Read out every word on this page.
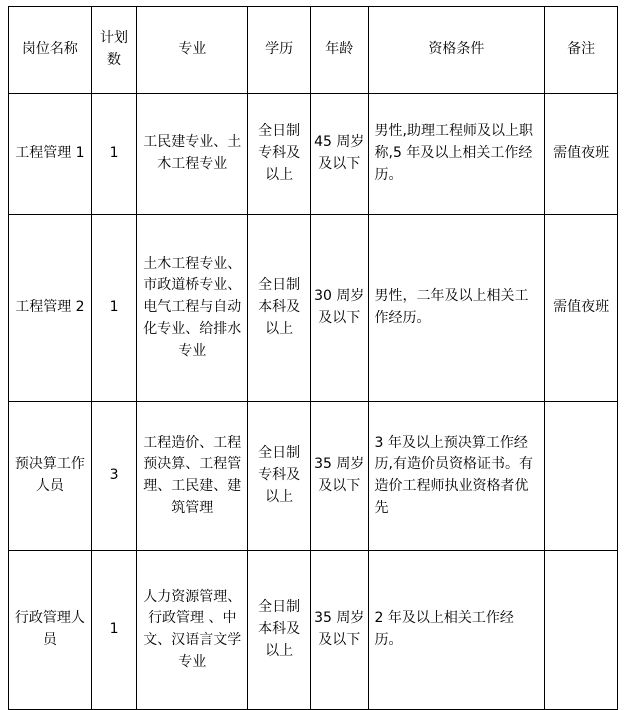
岗位名称	计划数	专业	学历	年龄	资格条件	备注
工程管理 1	1	工民建专业、土木工程专业	全日制专科及以上	45 周岁及以下	男性,助理工程师及以上职称,5 年及以上相关工作经历。	需值夜班
工程管理 2	1	土木工程专业、市政道桥专业、电气工程与自动化专业、给排水专业	全日制本科及以上	30 周岁及以下	男性，二年及以上相关工作经历。	需值夜班
预决算工作人员	3	工程造价、工程预决算、工程管理、工民建、建筑管理	全日制专科及以上	35 周岁及以下	3 年及以上预决算工作经历,有造价员资格证书。有造价工程师执业资格者优先	
行政管理人员	1	人力资源管理、行政管理 、中文、汉语言文学专业	全日制本科及以上	35 周岁及以下	2 年及以上相关工作经历。	
